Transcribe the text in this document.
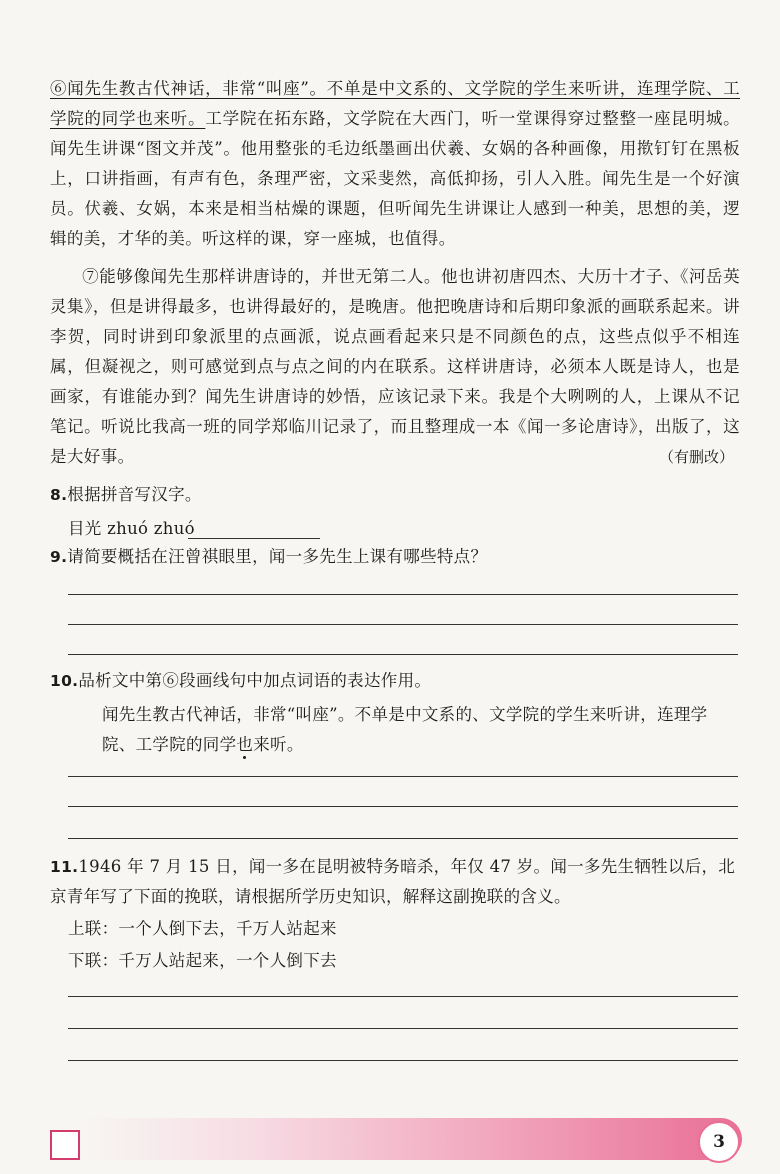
⑥闻先生教古代神话，非常“叫座”。不单是中文系的、文学院的学生来听讲，连理学院、工学院的同学也来听。工学院在拓东路，文学院在大西门，听一堂课得穿过整整一座昆明城。闻先生讲课“图文并茂”。他用整张的毛边纸墨画出伏羲、女娲的各种画像，用揿钉钉在黑板上，口讲指画，有声有色，条理严密，文采斐然，高低抑扬，引人入胜。闻先生是一个好演员。伏羲、女娲，本来是相当枯燥的课题，但听闻先生讲课让人感到一种美，思想的美，逻辑的美，才华的美。听这样的课，穿一座城，也值得。
⑦能够像闻先生那样讲唐诗的，并世无第二人。他也讲初唐四杰、大历十才子、《河岳英灵集》，但是讲得最多，也讲得最好的，是晚唐。他把晚唐诗和后期印象派的画联系起来。讲李贺，同时讲到印象派里的点画派，说点画看起来只是不同颜色的点，这些点似乎不相连属，但凝视之，则可感觉到点与点之间的内在联系。这样讲唐诗，必须本人既是诗人，也是画家，有谁能办到？闻先生讲唐诗的妙悟，应该记录下来。我是个大咧咧的人，上课从不记笔记。听说比我高一班的同学郑临川记录了，而且整理成一本《闻一多论唐诗》，出版了，这是大好事。	（有删改）
8.根据拼音写汉字。
目光 zhuó zhuó
9.请简要概括在汪曾祺眼里，闻一多先生上课有哪些特点？
10.品析文中第⑥段画线句中加点词语的表达作用。
闻先生教古代神话，非常“叫座”。不单是中文系的、文学院的学生来听讲，连理学院、工学院的同学也来听。
11.1946 年 7 月 15 日，闻一多在昆明被特务暗杀，年仅 47 岁。闻一多先生牺牲以后，北京青年写了下面的挽联，请根据所学历史知识，解释这副挽联的含义。
上联：一个人倒下去，千万人站起来
下联：千万人站起来，一个人倒下去
3
